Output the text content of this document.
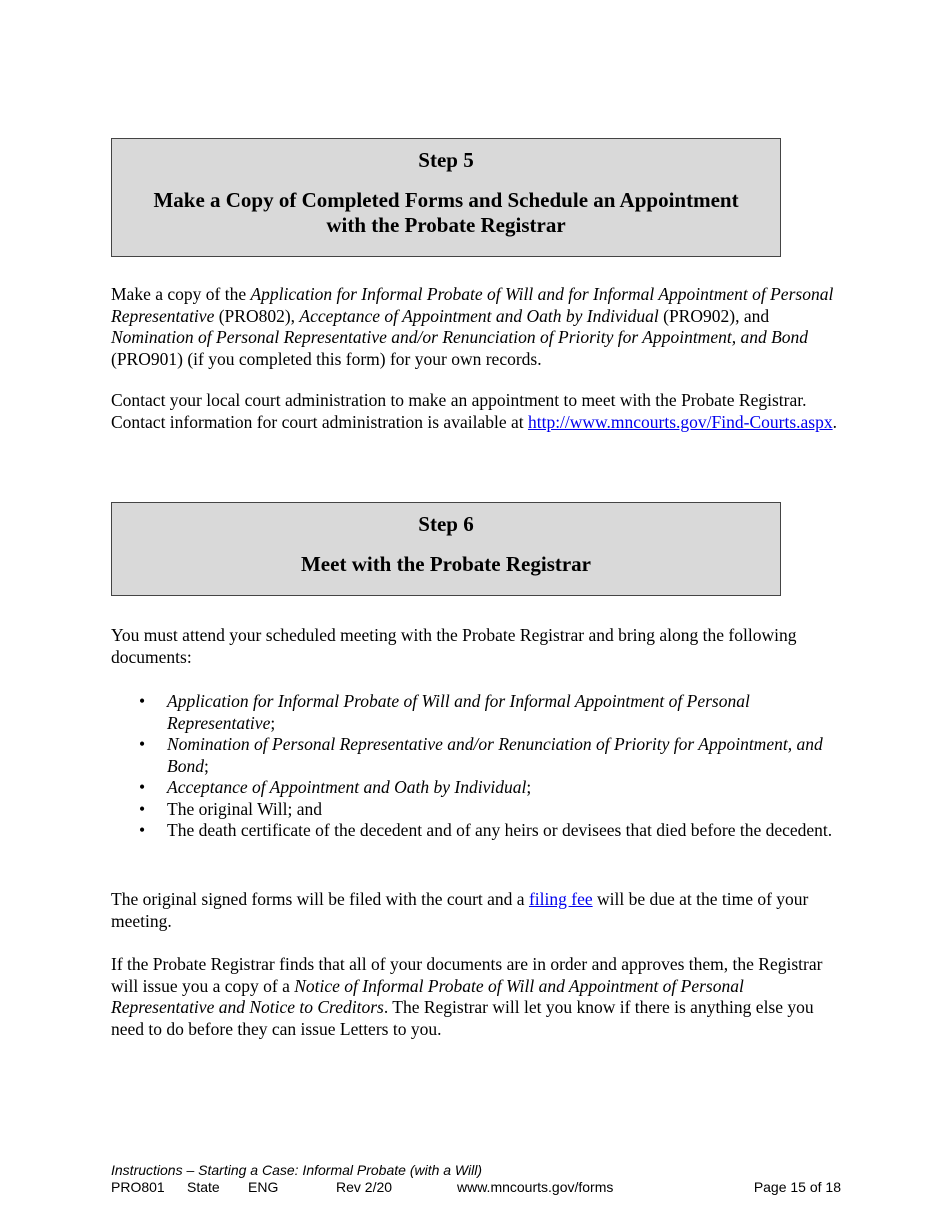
Step 5
Make a Copy of Completed Forms and Schedule an Appointment with the Probate Registrar

Make a copy of the Application for Informal Probate of Will and for Informal Appointment of Personal Representative (PRO802), Acceptance of Appointment and Oath by Individual (PRO902), and Nomination of Personal Representative and/or Renunciation of Priority for Appointment, and Bond (PRO901) (if you completed this form) for your own records.

Contact your local court administration to make an appointment to meet with the Probate Registrar. Contact information for court administration is available at http://www.mncourts.gov/Find-Courts.aspx.

Step 6
Meet with the Probate Registrar

You must attend your scheduled meeting with the Probate Registrar and bring along the following documents:

• Application for Informal Probate of Will and for Informal Appointment of Personal Representative;
• Nomination of Personal Representative and/or Renunciation of Priority for Appointment, and Bond;
• Acceptance of Appointment and Oath by Individual;
• The original Will; and
• The death certificate of the decedent and of any heirs or devisees that died before the decedent.

The original signed forms will be filed with the court and a filing fee will be due at the time of your meeting.

If the Probate Registrar finds that all of your documents are in order and approves them, the Registrar will issue you a copy of a Notice of Informal Probate of Will and Appointment of Personal Representative and Notice to Creditors. The Registrar will let you know if there is anything else you need to do before they can issue Letters to you.

Instructions – Starting a Case: Informal Probate (with a Will)
PRO801 State ENG	Rev 2/20	www.mncourts.gov/forms	Page 15 of 18
